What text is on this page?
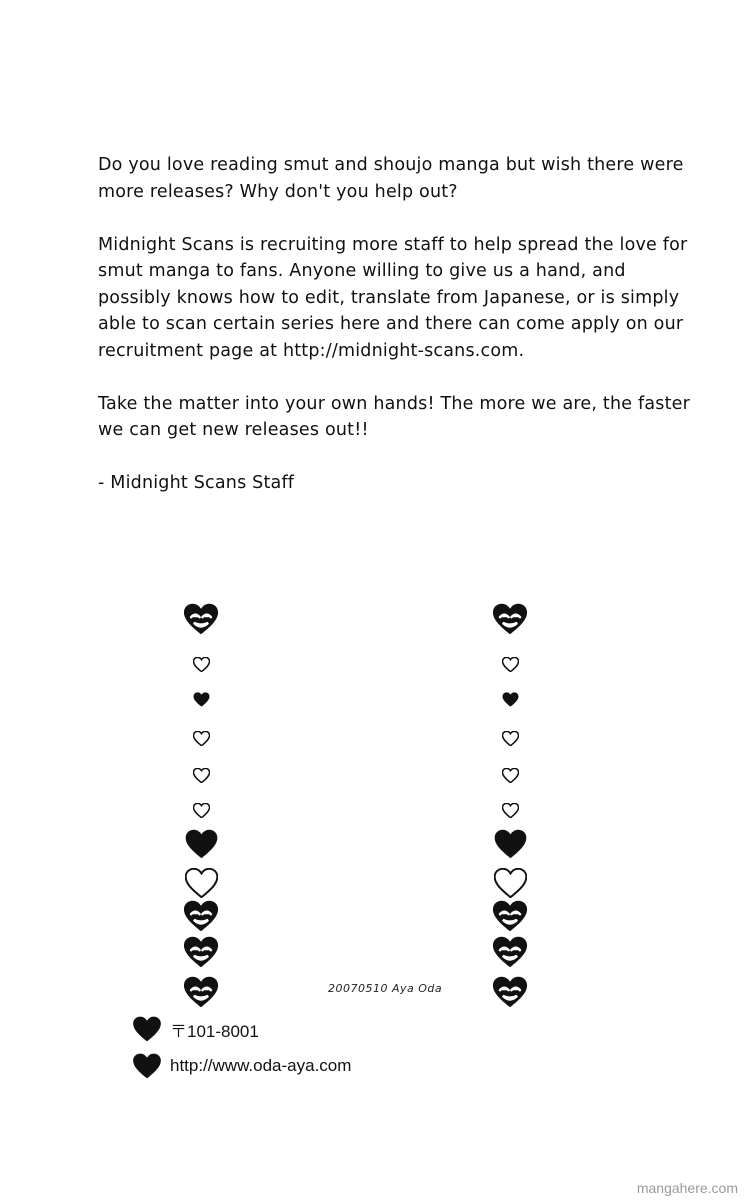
Do you love reading smut and shoujo manga but wish there were more releases? Why don't you help out?

Midnight Scans is recruiting more staff to help spread the love for smut manga to fans. Anyone willing to give us a hand, and possibly knows how to edit, translate from Japanese, or is simply able to scan certain series here and there can come apply on our recruitment page at http://midnight-scans.com.

Take the matter into your own hands! The more we are, the faster we can get new releases out!!

- Midnight Scans Staff

20070510 Aya Oda
〒101-8001
http://www.oda-aya.com
mangahere.com
